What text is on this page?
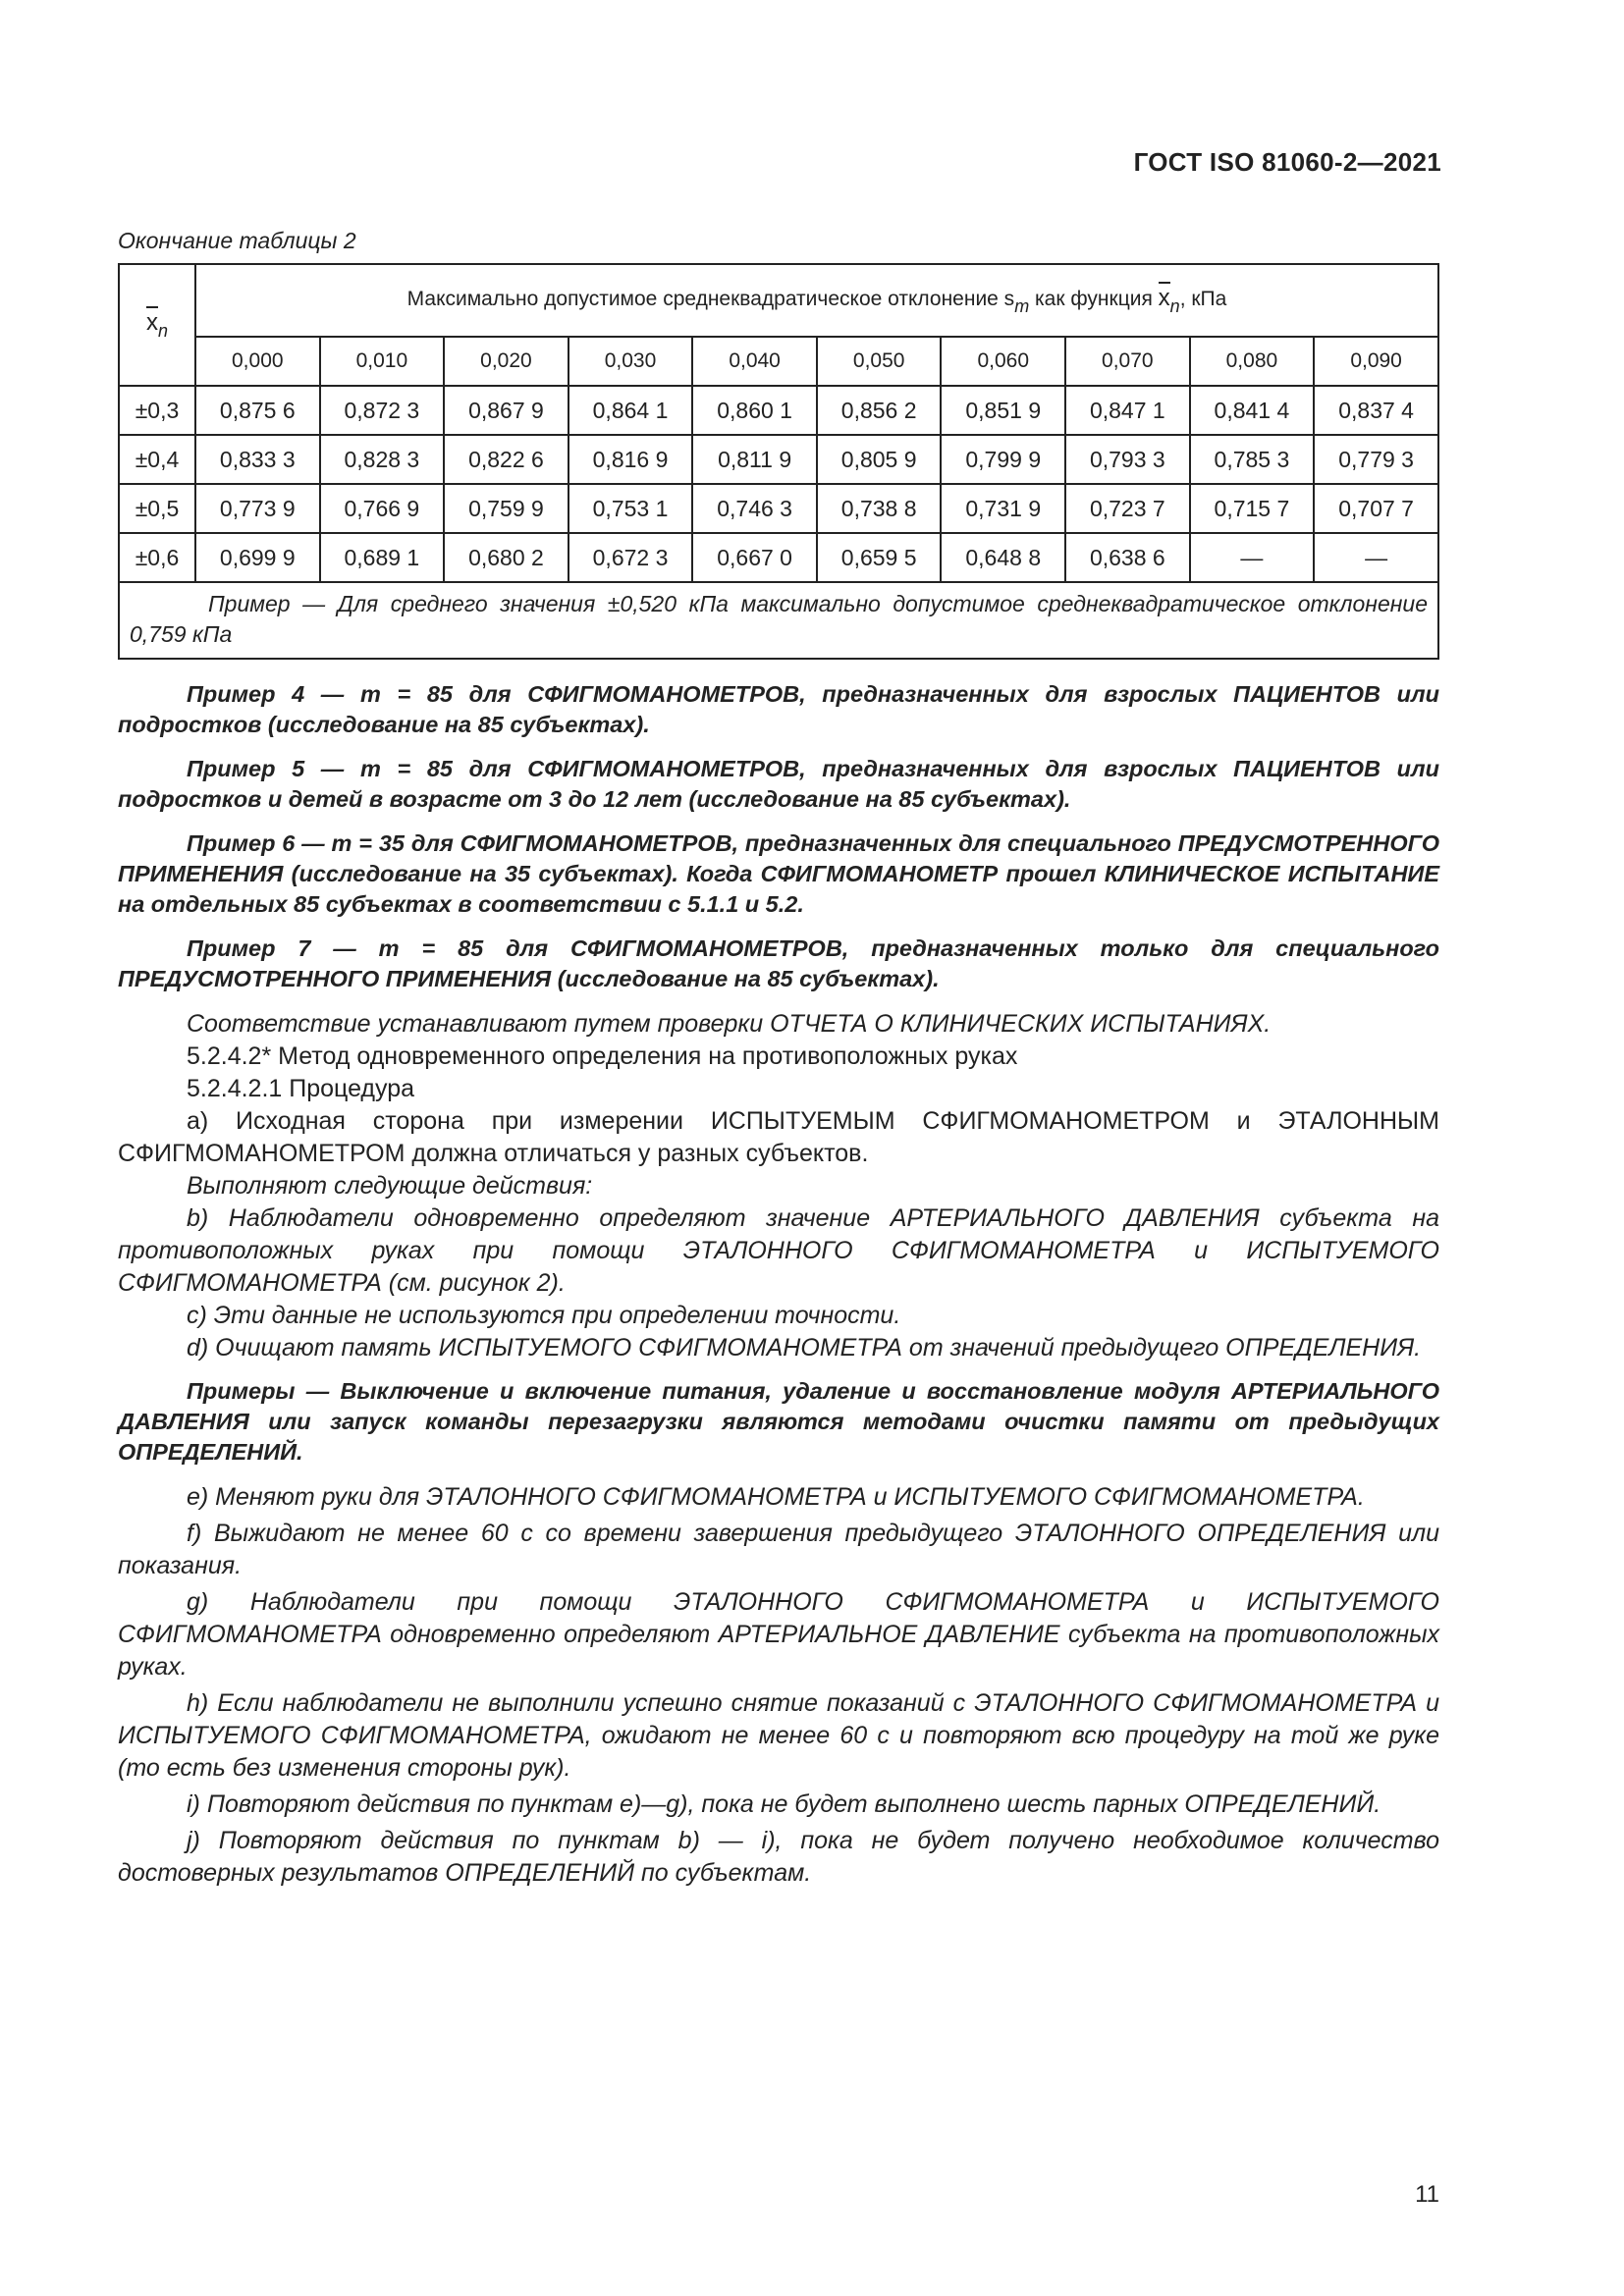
ГОСТ ISO 81060-2—2021
Окончание таблицы 2
$x_n$	Максимально допустимое среднеквадратическое отклонение sm как функция
xn, кПа									
	0,000	0,010	0,020	0,030	0,040	0,050	0,060	0,070	0,080	0,090
±0,3	0,875 6	0,872 3	0,867 9	0,864 1	0,860 1	0,856 2	0,851 9	0,847 1	0,841 4	0,837 4
±0,4	0,833 3	0,828 3	0,822 6	0,816 9	0,811 9	0,805 9	0,799 9	0,793 3	0,785 3	0,779 3
±0,5	0,773 9	0,766 9	0,759 9	0,753 1	0,746 3	0,738 8	0,731 9	0,723 7	0,715 7	0,707 7
±0,6	0,699 9	0,689 1	0,680 2	0,672 3	0,667 0	0,659 5	0,648 8	0,638 6	—	—
Пример — Для среднего значения ±0,520 кПа максимально допустимое среднеквадратическое отклонение 0,759 кПа										

Пример 4 — m = 85 для СФИГМОМАНОМЕТРОВ, предназначенных для взрослых ПАЦИЕНТОВ или подростков (исследование на 85 субъектах).

Пример 5 — m = 85 для СФИГМОМАНОМЕТРОВ, предназначенных для взрослых ПАЦИЕНТОВ или подростков и детей в возрасте от 3 до 12 лет (исследование на 85 субъектах).

Пример 6 — m = 35 для СФИГМОМАНОМЕТРОВ, предназначенных для специального ПРЕДУСМОТРЕННОГО ПРИМЕНЕНИЯ (исследование на 35 субъектах). Когда СФИГМОМАНОМЕТР прошел КЛИНИЧЕСКОЕ ИСПЫТАНИЕ на отдельных 85 субъектах в соответствии с 5.1.1 и 5.2.

Пример 7 — m = 85 для СФИГМОМАНОМЕТРОВ, предназначенных только для специального ПРЕДУСМОТРЕННОГО ПРИМЕНЕНИЯ (исследование на 85 субъектах).

Соответствие устанавливают путем проверки ОТЧЕТА О КЛИНИЧЕСКИХ ИСПЫТАНИЯХ.

5.2.4.2* Метод одновременного определения на противоположных руках

5.2.4.2.1 Процедура

a) Исходная сторона при измерении ИСПЫТУЕМЫМ СФИГМОМАНОМЕТРОМ и ЭТАЛОННЫМ СФИГМОМАНОМЕТРОМ должна отличаться у разных субъектов.

Выполняют следующие действия:

b) Наблюдатели одновременно определяют значение АРТЕРИАЛЬНОГО ДАВЛЕНИЯ субъекта на противоположных руках при помощи ЭТАЛОННОГО СФИГМОМАНОМЕТРА и ИСПЫТУЕМОГО СФИГМОМАНОМЕТРА (см. рисунок 2).

c) Эти данные не используются при определении точности.

d) Очищают память ИСПЫТУЕМОГО СФИГМОМАНОМЕТРА от значений предыдущего ОПРЕДЕЛЕНИЯ.

Примеры — Выключение и включение питания, удаление и восстановление модуля АРТЕРИАЛЬНОГО ДАВЛЕНИЯ или запуск команды перезагрузки являются методами очистки памяти от предыдущих ОПРЕДЕЛЕНИЙ.

e) Меняют руки для ЭТАЛОННОГО СФИГМОМАНОМЕТРА и ИСПЫТУЕМОГО СФИГМОМАНОМЕТРА.

f) Выжидают не менее 60 с со времени завершения предыдущего ЭТАЛОННОГО ОПРЕДЕЛЕНИЯ или показания.

g) Наблюдатели при помощи ЭТАЛОННОГО СФИГМОМАНОМЕТРА и ИСПЫТУЕМОГО СФИГМОМАНОМЕТРА одновременно определяют АРТЕРИАЛЬНОЕ ДАВЛЕНИЕ субъекта на противоположных руках.

h) Если наблюдатели не выполнили успешно снятие показаний с ЭТАЛОННОГО СФИГМОМАНОМЕТРА и ИСПЫТУЕМОГО СФИГМОМАНОМЕТРА, ожидают не менее 60 с и повторяют всю процедуру на той же руке (то есть без изменения стороны рук).

i) Повторяют действия по пунктам e)—g), пока не будет выполнено шесть парных ОПРЕДЕЛЕНИЙ.

j) Повторяют действия по пунктам b) — i), пока не будет получено необходимое количество достоверных результатов ОПРЕДЕЛЕНИЙ по субъектам.

11
